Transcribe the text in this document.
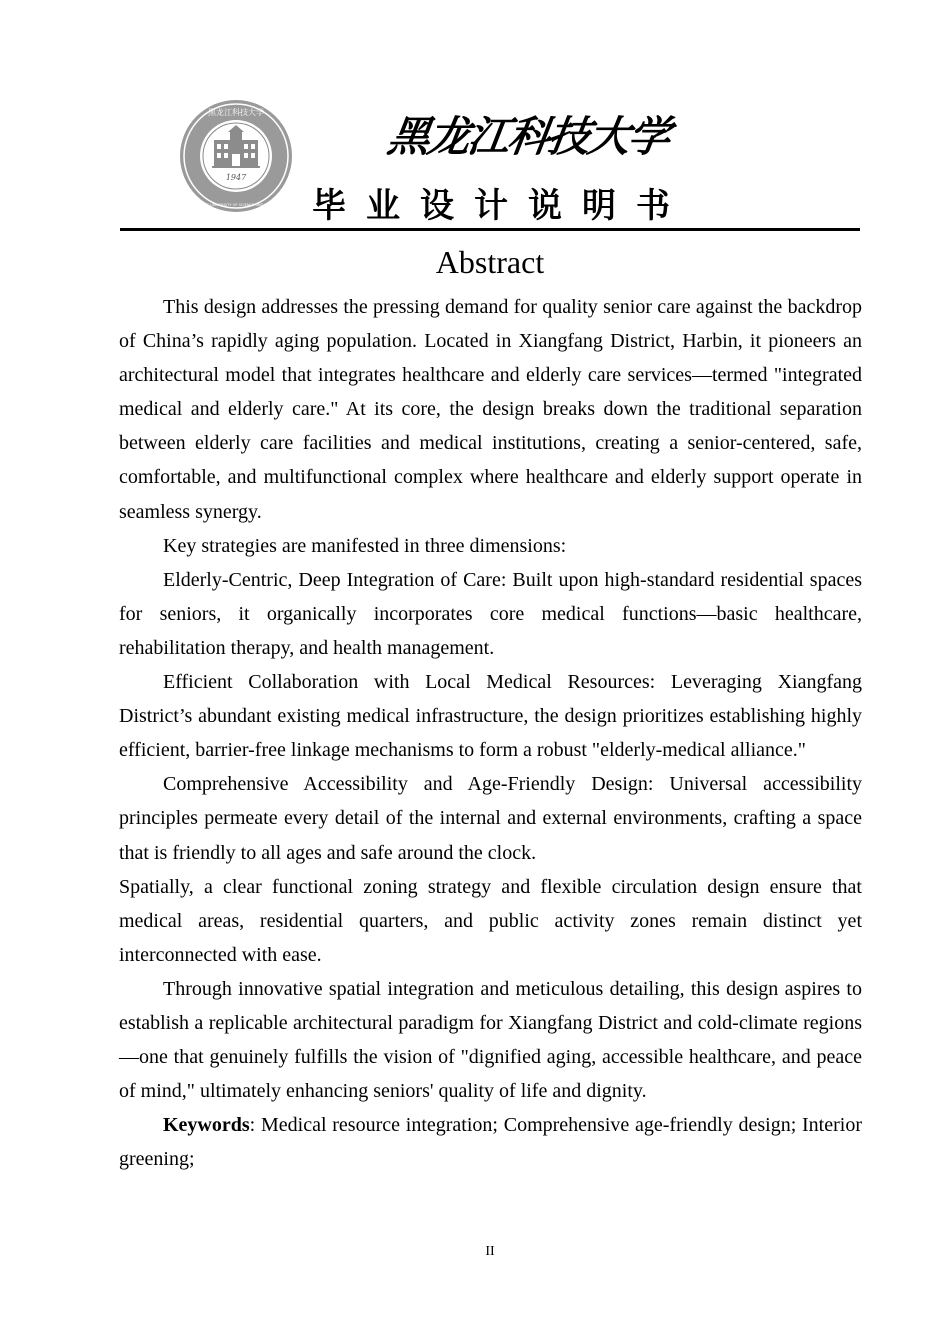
1947
黑龙江科技大学
HEILONGJIANG UNIVERSITY OF SCIENCE AND TECHNOLOGY
黑龙江科技大学
毕业设计说明书
Abstract

This design addresses the pressing demand for quality senior care against the backdrop of China’s rapidly aging population. Located in Xiangfang District, Harbin, it pioneers an architectural model that integrates healthcare and elderly care services—termed "integrated medical and elderly care." At its core, the design breaks down the traditional separation between elderly care facilities and medical institutions, creating a senior-centered, safe, comfortable, and multifunctional complex where healthcare and elderly support operate in seamless synergy.

Key strategies are manifested in three dimensions:

Elderly-Centric, Deep Integration of Care: Built upon high-standard residential spaces for seniors, it organically incorporates core medical functions—basic healthcare, rehabilitation therapy, and health management.

Efficient Collaboration with Local Medical Resources: Leveraging Xiangfang District’s abundant existing medical infrastructure, the design prioritizes establishing highly efficient, barrier-free linkage mechanisms to form a robust "elderly-medical alliance."

Comprehensive Accessibility and Age-Friendly Design: Universal accessibility principles permeate every detail of the internal and external environments, crafting a space that is friendly to all ages and safe around the clock.

Spatially, a clear functional zoning strategy and flexible circulation design ensure that medical areas, residential quarters, and public activity zones remain distinct yet interconnected with ease.

Through innovative spatial integration and meticulous detailing, this design aspires to establish a replicable architectural paradigm for Xiangfang District and cold-climate regions—one that genuinely fulfills the vision of "dignified aging, accessible healthcare, and peace of mind," ultimately enhancing seniors' quality of life and dignity.

Keywords: Medical resource integration; Comprehensive age-friendly design; Interior greening;

II
